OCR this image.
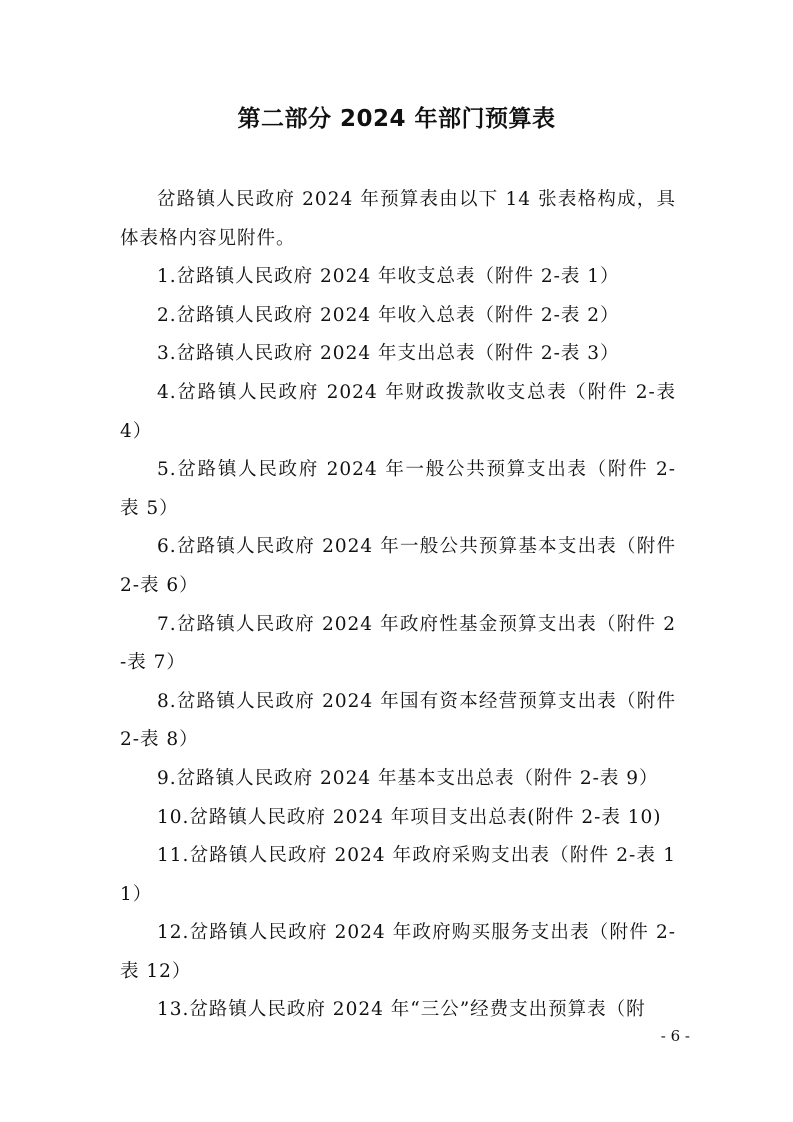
第二部分 2024 年部门预算表

岔路镇人民政府 2024 年预算表由以下 14 张表格构成，具体表格内容见附件。

1.岔路镇人民政府 2024 年收支总表（附件 2-表 1）

2.岔路镇人民政府 2024 年收入总表（附件 2-表 2）

3.岔路镇人民政府 2024 年支出总表（附件 2-表 3）

4.岔路镇人民政府 2024 年财政拨款收支总表（附件 2-表 4）

5.岔路镇人民政府 2024 年一般公共预算支出表（附件 2-表 5）

6.岔路镇人民政府 2024 年一般公共预算基本支出表（附件 2-表 6）

7.岔路镇人民政府 2024 年政府性基金预算支出表（附件 2-表 7）

8.岔路镇人民政府 2024 年国有资本经营预算支出表（附件 2-表 8）

9.岔路镇人民政府 2024 年基本支出总表（附件 2-表 9）

10.岔路镇人民政府 2024 年项目支出总表(附件 2-表 10)

11.岔路镇人民政府 2024 年政府采购支出表（附件 2-表 11）

12.岔路镇人民政府 2024 年政府购买服务支出表（附件 2-表 12）

13.岔路镇人民政府 2024 年“三公”经费支出预算表（附

- 6 -
